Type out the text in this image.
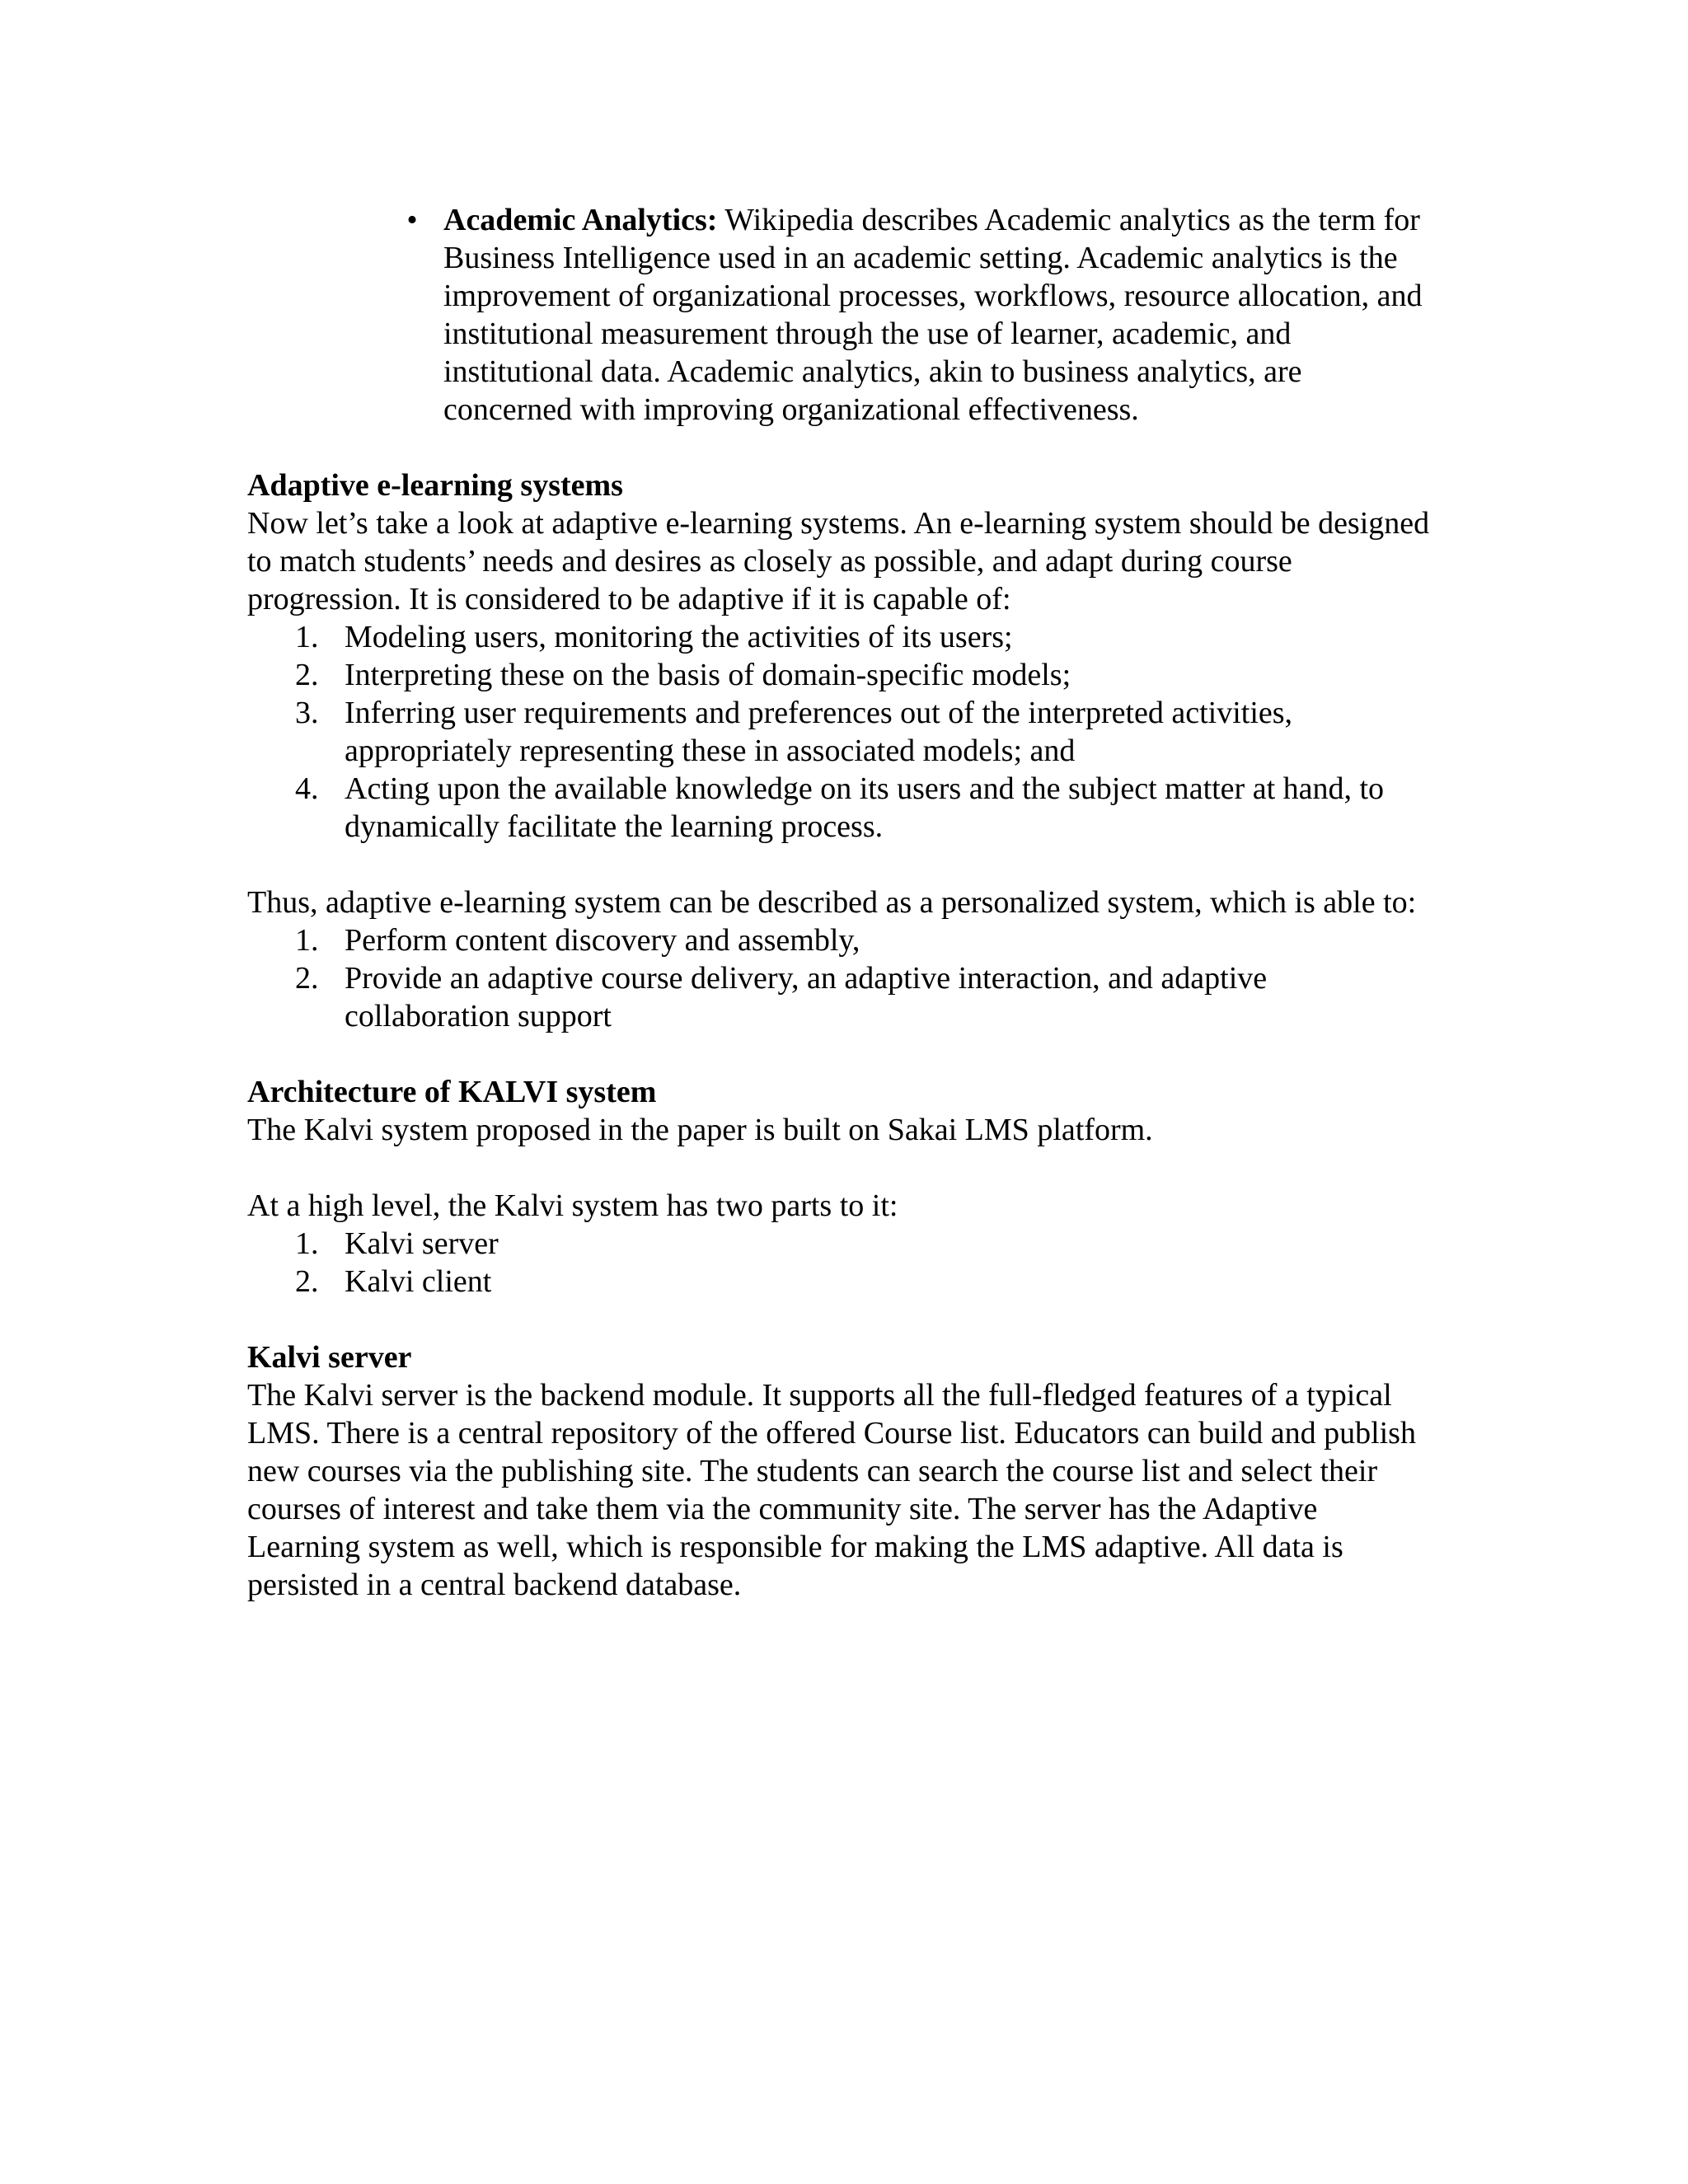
• Academic Analytics: Wikipedia describes Academic analytics as the term for Business Intelligence used in an academic setting. Academic analytics is the improvement of organizational processes, workflows, resource allocation, and institutional measurement through the use of learner, academic, and institutional data. Academic analytics, akin to business analytics, are concerned with improving organizational effectiveness.

Adaptive e-learning systems

Now let’s take a look at adaptive e-learning systems. An e-learning system should be designed to match students’ needs and desires as closely as possible, and adapt during course progression. It is considered to be adaptive if it is capable of:

1. Modeling users, monitoring the activities of its users;
2. Interpreting these on the basis of domain-specific models;
3. Inferring user requirements and preferences out of the interpreted activities, appropriately representing these in associated models; and
4. Acting upon the available knowledge on its users and the subject matter at hand, to dynamically facilitate the learning process.

Thus, adaptive e-learning system can be described as a personalized system, which is able to:

1. Perform content discovery and assembly,
2. Provide an adaptive course delivery, an adaptive interaction, and adaptive collaboration support

Architecture of KALVI system

The Kalvi system proposed in the paper is built on Sakai LMS platform.

At a high level, the Kalvi system has two parts to it:

1. Kalvi server
2. Kalvi client

Kalvi server

The Kalvi server is the backend module. It supports all the full-fledged features of a typical LMS. There is a central repository of the offered Course list. Educators can build and publish new courses via the publishing site. The students can search the course list and select their courses of interest and take them via the community site. The server has the Adaptive Learning system as well, which is responsible for making the LMS adaptive. All data is persisted in a central backend database.
